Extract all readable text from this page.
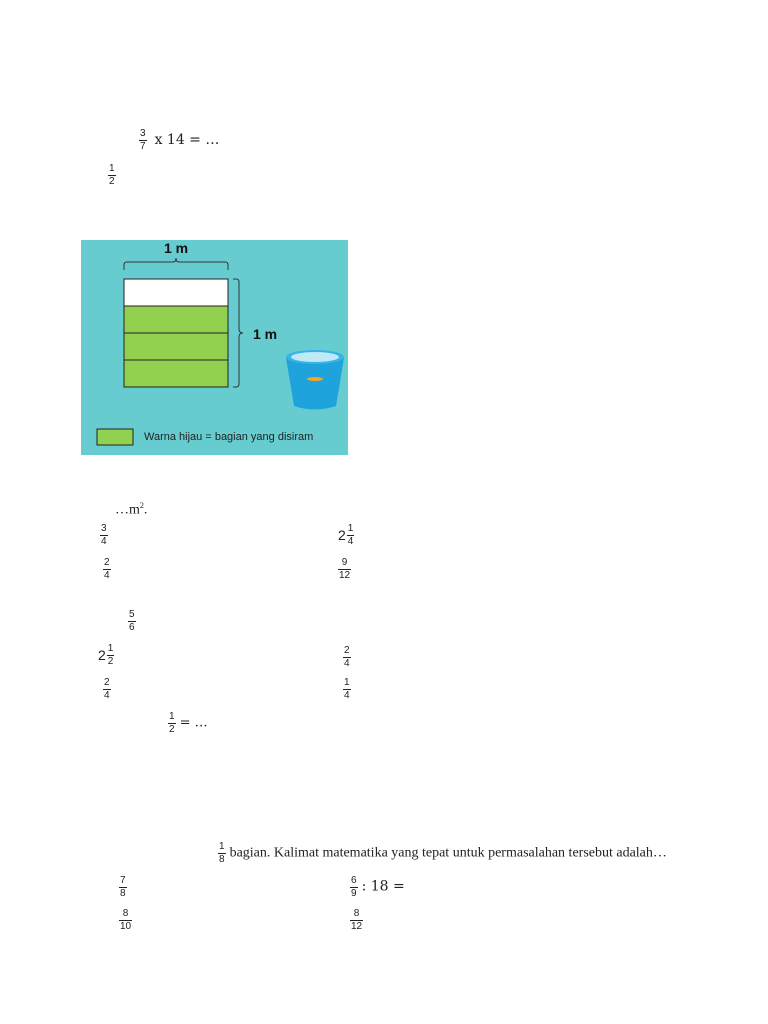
$\frac{3}{7}$ x 14 = …
$\frac{1}{2}$
1 m
1 m
Warna hijau = bagian yang disiram
$\dots m^2$.
$\frac{3}{4}$	$2 \frac{1}{4}$
$\frac{2}{4}$	$\frac{9}{12}$
$\frac{5}{6}$
$2 \frac{1}{2}$	$\frac{2}{4}$
$\frac{2}{4}$	$\frac{1}{4}$
$\frac{1}{2}$ = …
$\frac{1}{8}$ bagian. Kalimat matematika yang tepat untuk permasalahan tersebut adalah…
$\frac{7}{8}$	$\frac{6}{9}$ : 18 =
$\frac{8}{10}$	$\frac{8}{12}$
